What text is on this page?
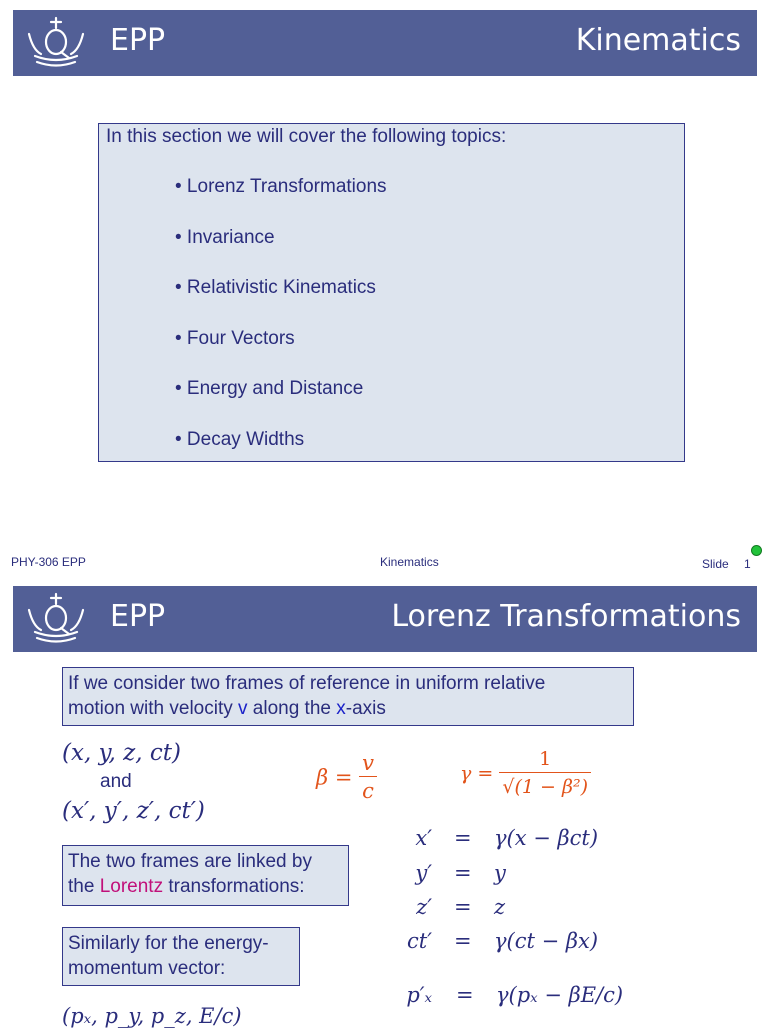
EPP	Kinematics
In this section we will cover the following topics:
• Lorenz Transformations
• Invariance
• Relativistic Kinematics
• Four Vectors
• Energy and Distance
• Decay Widths
PHY-306 EPP	Kinematics	Slide 1
EPP	Lorenz Transformations
If we consider two frames of reference in uniform relative
motion with velocity v along the x-axis
(x, y, z, ct)
and
(x′, y′, z′, ct′)
$\beta = \frac{v}{c}$	$\gamma = \frac{1}{\text{√(1 − β²)}}$
The two frames are linked by
the Lorentz transformations:
Similarly for the energy-
momentum vector:
x′ = γ(x − βct)
y′ = y
z′ = z
ct′ = γ(ct − βx)
p′ₓ = γ(pₓ − βE/c)
(pₓ, p_y, p_z, E/c)
